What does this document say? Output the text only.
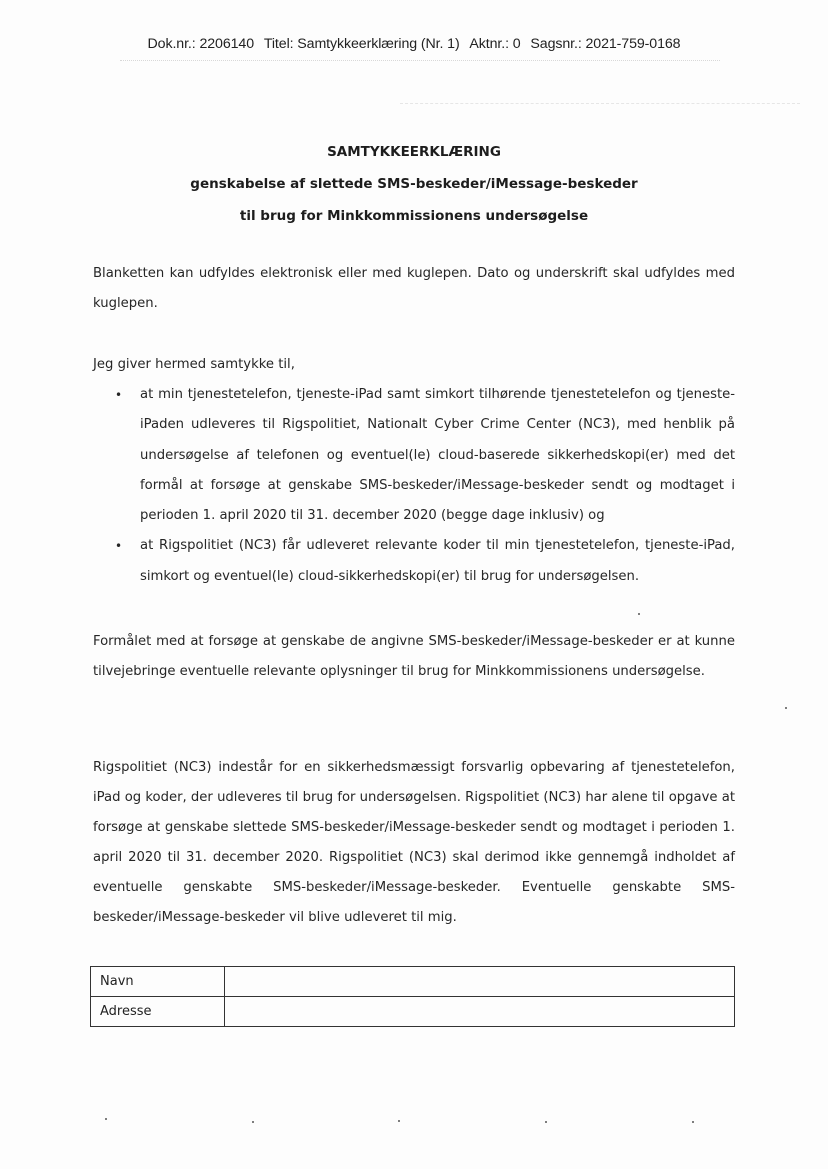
Dok.nr.: 2206140 Titel: Samtykkeerklæring (Nr. 1) Aktnr.: 0 Sagsnr.: 2021-759-0168
SAMTYKKEERKLÆRING
genskabelse af slettede SMS-beskeder/iMessage-beskeder
til brug for Minkkommissionens undersøgelse
Blanketten kan udfyldes elektronisk eller med kuglepen. Dato og underskrift skal udfyldes med kuglepen.
Jeg giver hermed samtykke til,
• at min tjenestetelefon, tjeneste-iPad samt simkort tilhørende tjenestetelefon og tjeneste-iPaden udleveres til Rigspolitiet, Nationalt Cyber Crime Center (NC3), med henblik på undersøgelse af telefonen og eventuel(le) cloud-baserede sikkerhedskopi(er) med det formål at forsøge at genskabe SMS-beskeder/iMessage-beskeder sendt og modtaget i perioden 1. april 2020 til 31. december 2020 (begge dage inklusiv) og
• at Rigspolitiet (NC3) får udleveret relevante koder til min tjenestetelefon, tjeneste-iPad, simkort og eventuel(le) cloud-sikkerhedskopi(er) til brug for undersøgelsen.
Formålet med at forsøge at genskabe de angivne SMS-beskeder/iMessage-beskeder er at kunne tilvejebringe eventuelle relevante oplysninger til brug for Minkkommissionens undersøgelse.
Rigspolitiet (NC3) indestår for en sikkerhedsmæssigt forsvarlig opbevaring af tjenestetelefon, iPad og koder, der udleveres til brug for undersøgelsen. Rigspolitiet (NC3) har alene til opgave at forsøge at genskabe slettede SMS-beskeder/iMessage-beskeder sendt og modtaget i perioden 1. april 2020 til 31. december 2020. Rigspolitiet (NC3) skal derimod ikke gennemgå indholdet af eventuelle genskabte SMS-beskeder/iMessage-beskeder. Eventuelle genskabte SMS-beskeder/iMessage-beskeder vil blive udleveret til mig.
Navn	
Adresse	
